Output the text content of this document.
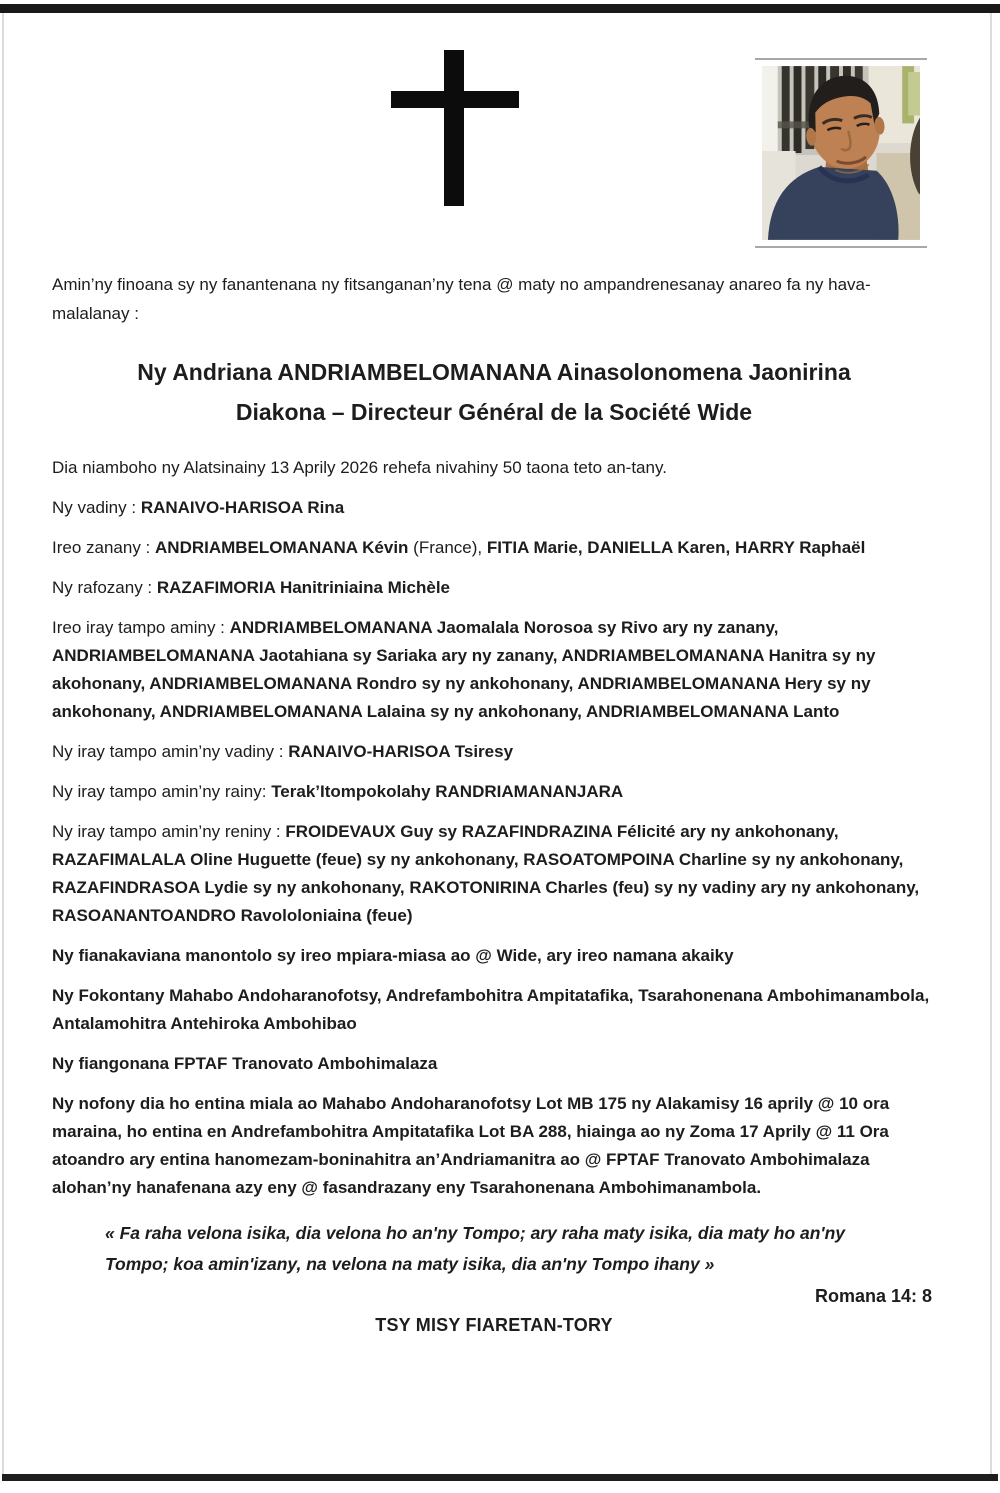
Amin’ny finoana sy ny fanantenana ny fitsanganan’ny tena @ maty no ampandrenesanay anareo fa ny hava-malalanay :

Ny Andriana ANDRIAMBELOMANANA Ainasolonomena Jaonirina
Diakona – Directeur Général de la Société Wide

Dia niamboho ny Alatsinainy 13 Aprily 2026 rehefa nivahiny 50 taona teto an-tany.

Ny vadiny : RANAIVO-HARISOA Rina

Ireo zanany : ANDRIAMBELOMANANA Kévin (France), FITIA Marie, DANIELLA Karen, HARRY Raphaël

Ny rafozany : RAZAFIMORIA Hanitriniaina Michèle

Ireo iray tampo aminy : ANDRIAMBELOMANANA Jaomalala Norosoa sy Rivo ary ny zanany, ANDRIAMBELOMANANA Jaotahiana sy Sariaka ary ny zanany, ANDRIAMBELOMANANA Hanitra sy ny akohonany, ANDRIAMBELOMANANA Rondro sy ny ankohonany, ANDRIAMBELOMANANA Hery sy ny ankohonany, ANDRIAMBELOMANANA Lalaina sy ny ankohonany, ANDRIAMBELOMANANA Lanto

Ny iray tampo amin’ny vadiny : RANAIVO-HARISOA Tsiresy

Ny iray tampo amin’ny rainy: Terak’Itompokolahy RANDRIAMANANJARA

Ny iray tampo amin’ny reniny : FROIDEVAUX Guy sy RAZAFINDRAZINA Félicité ary ny ankohonany, RAZAFIMALALA Oline Huguette (feue) sy ny ankohonany, RASOATOMPOINA Charline sy ny ankohonany, RAZAFINDRASOA Lydie sy ny ankohonany, RAKOTONIRINA Charles (feu) sy ny vadiny ary ny ankohonany, RASOANANTOANDRO Ravololoniaina (feue)

Ny fianakaviana manontolo sy ireo mpiara-miasa ao @ Wide, ary ireo namana akaiky

Ny Fokontany Mahabo Andoharanofotsy, Andrefambohitra Ampitatafika, Tsarahonenana Ambohimanambola, Antalamohitra Antehiroka Ambohibao

Ny fiangonana FPTAF Tranovato Ambohimalaza

Ny nofony dia ho entina miala ao Mahabo Andoharanofotsy Lot MB 175 ny Alakamisy 16 aprily @ 10 ora maraina, ho entina en Andrefambohitra Ampitatafika Lot BA 288, hiainga ao ny Zoma 17 Aprily @ 11 Ora atoandro ary entina hanomezam-boninahitra an’Andriamanitra ao @ FPTAF Tranovato Ambohimalaza alohan’ny hanafenana azy eny @ fasandrazany eny Tsarahonenana Ambohimanambola.

« Fa raha velona isika, dia velona ho an'ny Tompo; ary raha maty isika, dia maty ho an'ny Tompo; koa amin'izany, na velona na maty isika, dia an'ny Tompo ihany »

Romana 14: 8

TSY MISY FIARETAN-TORY
